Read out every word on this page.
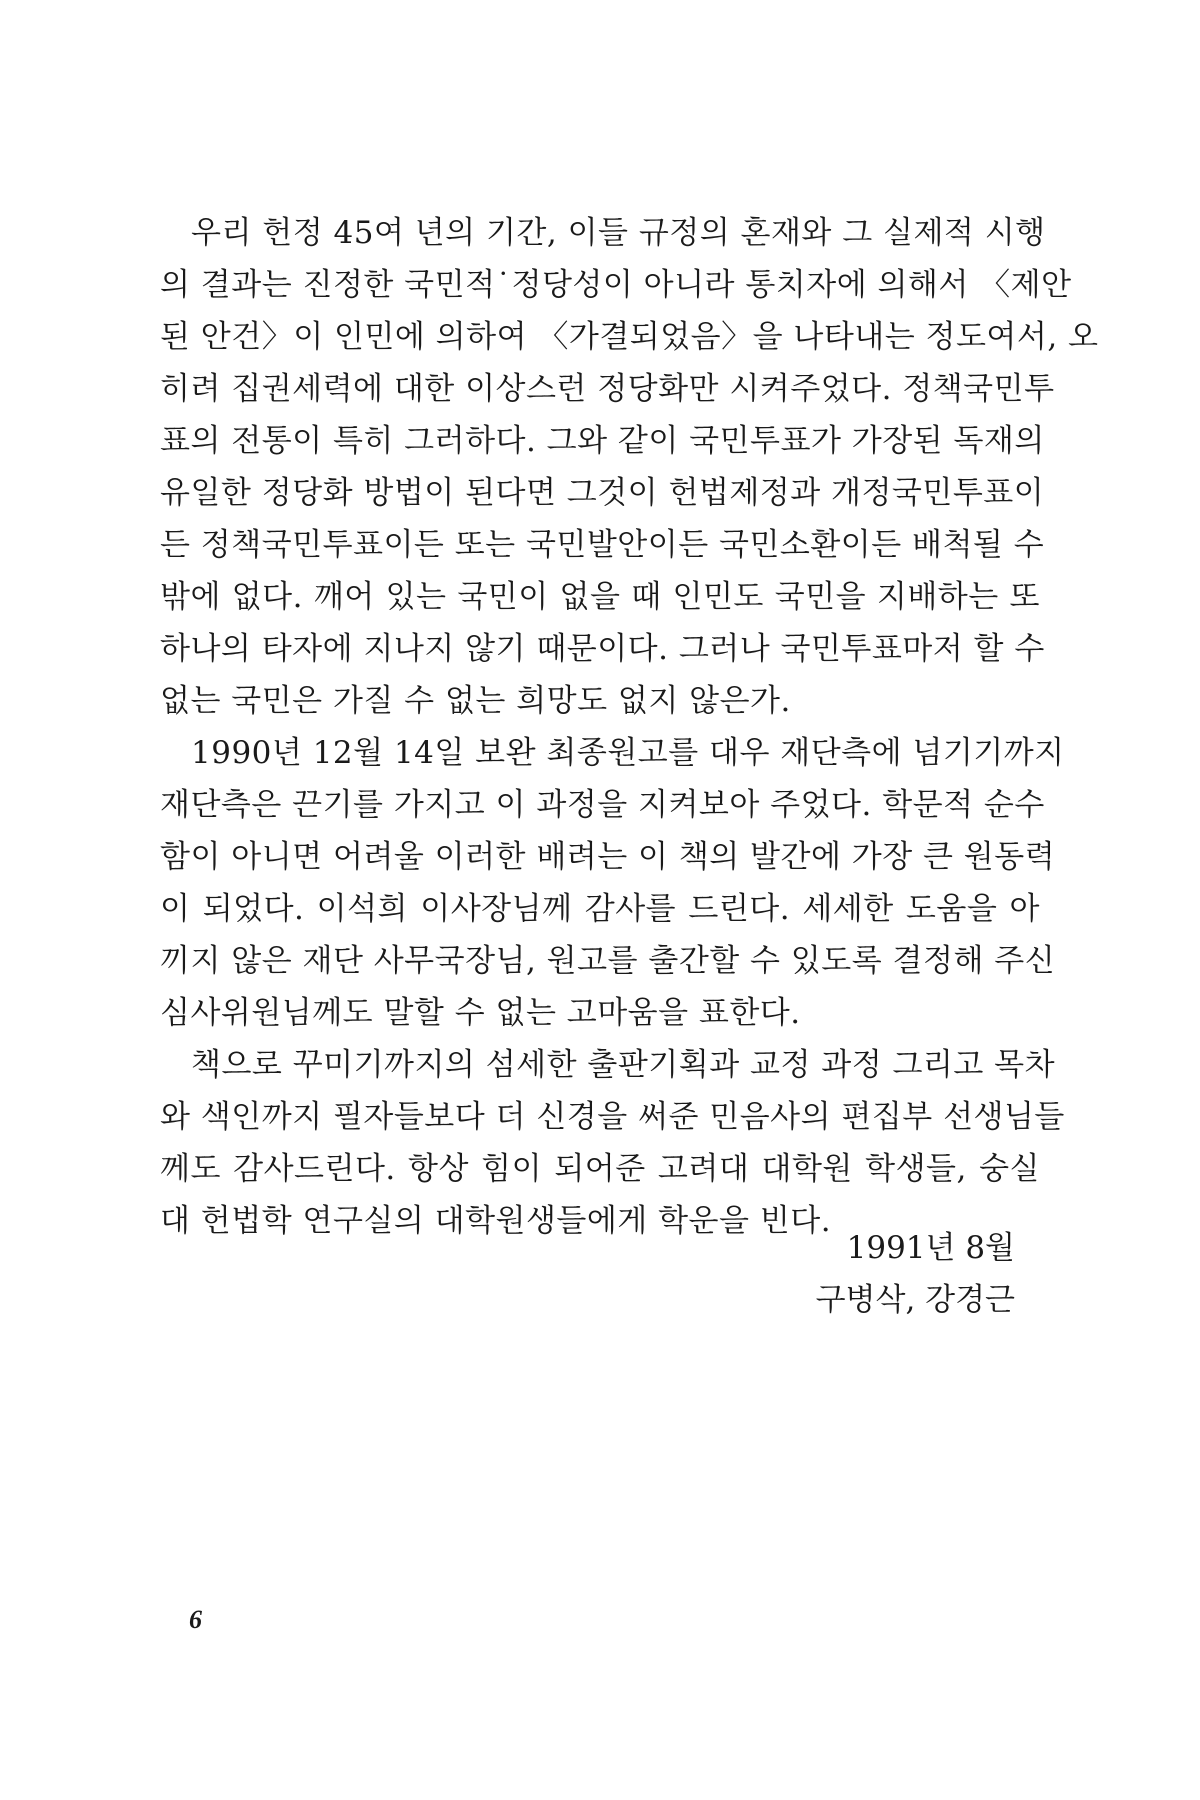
우리 헌정 45여 년의 기간, 이들 규정의 혼재와 그 실제적 시행
의 결과는 진정한 국민적˙정당성이 아니라 통치자에 의해서 〈제안
된 안건〉이 인민에 의하여 〈가결되었음〉을 나타내는 정도여서, 오
히려 집권세력에 대한 이상스런 정당화만 시켜주었다. 정책국민투
표의 전통이 특히 그러하다. 그와 같이 국민투표가 가장된 독재의
유일한 정당화 방법이 된다면 그것이 헌법제정과 개정국민투표이
든 정책국민투표이든 또는 국민발안이든 국민소환이든 배척될 수
밖에 없다. 깨어 있는 국민이 없을 때 인민도 국민을 지배하는 또
하나의 타자에 지나지 않기 때문이다. 그러나 국민투표마저 할 수
없는 국민은 가질 수 없는 희망도 없지 않은가.
1990년 12월 14일 보완 최종원고를 대우 재단측에 넘기기까지
재단측은 끈기를 가지고 이 과정을 지켜보아 주었다. 학문적 순수
함이 아니면 어려울 이러한 배려는 이 책의 발간에 가장 큰 원동력
이 되었다. 이석희 이사장님께 감사를 드린다. 세세한 도움을 아
끼지 않은 재단 사무국장님, 원고를 출간할 수 있도록 결정해 주신
심사위원님께도 말할 수 없는 고마움을 표한다.
책으로 꾸미기까지의 섬세한 출판기획과 교정 과정 그리고 목차
와 색인까지 필자들보다 더 신경을 써준 민음사의 편집부 선생님들
께도 감사드린다. 항상 힘이 되어준 고려대 대학원 학생들, 숭실
대 헌법학 연구실의 대학원생들에게 학운을 빈다.
1991년 8월
구병삭, 강경근
6
